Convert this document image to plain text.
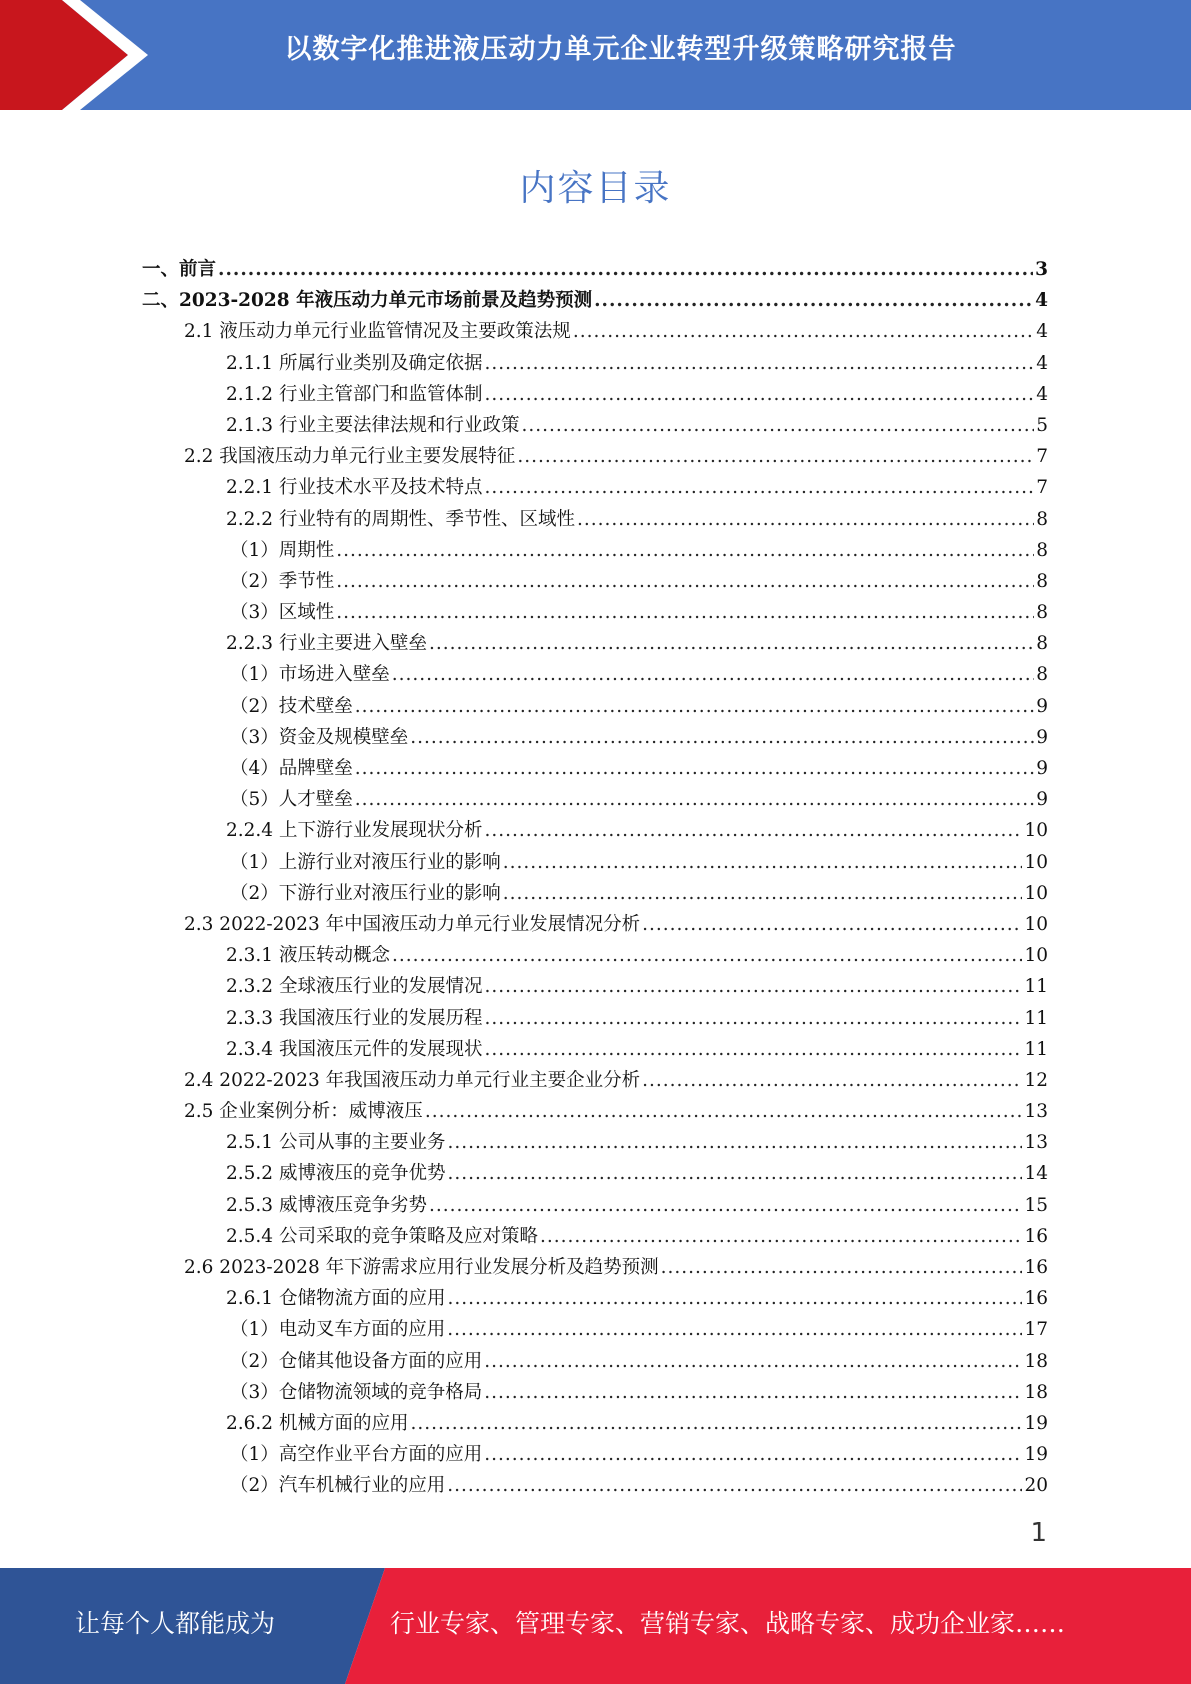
以数字化推进液压动力单元企业转型升级策略研究报告
内容目录
一、前言 .....	3
二、2023-2028 年液压动力单元市场前景及趋势预测 .....	4
2.1 液压动力单元行业监管情况及主要政策法规 .....	4
2.1.1 所属行业类别及确定依据 .....	4
2.1.2 行业主管部门和监管体制 .....	4
2.1.3 行业主要法律法规和行业政策 .....	5
2.2 我国液压动力单元行业主要发展特征 .....	7
2.2.1 行业技术水平及技术特点 .....	7
2.2.2 行业特有的周期性、季节性、区域性 .....	8
（1）周期性 .....	8
（2）季节性 .....	8
（3）区域性 .....	8
2.2.3 行业主要进入壁垒 .....	8
（1）市场进入壁垒 .....	8
（2）技术壁垒 .....	9
（3）资金及规模壁垒 .....	9
（4）品牌壁垒 .....	9
（5）人才壁垒 .....	9
2.2.4 上下游行业发展现状分析 .....	10
（1）上游行业对液压行业的影响 .....	10
（2）下游行业对液压行业的影响 .....	10
2.3 2022-2023 年中国液压动力单元行业发展情况分析 .....	10
2.3.1 液压转动概念 .....	10
2.3.2 全球液压行业的发展情况 .....	11
2.3.3 我国液压行业的发展历程 .....	11
2.3.4 我国液压元件的发展现状 .....	11
2.4 2022-2023 年我国液压动力单元行业主要企业分析 .....	12
2.5 企业案例分析：威博液压 .....	13
2.5.1 公司从事的主要业务 .....	13
2.5.2 威博液压的竞争优势 .....	14
2.5.3 威博液压竞争劣势 .....	15
2.5.4 公司采取的竞争策略及应对策略 .....	16
2.6 2023-2028 年下游需求应用行业发展分析及趋势预测 .....	16
2.6.1 仓储物流方面的应用 .....	16
（1）电动叉车方面的应用 .....	17
（2）仓储其他设备方面的应用 .....	18
（3）仓储物流领域的竞争格局 .....	18
2.6.2 机械方面的应用 .....	19
（1）高空作业平台方面的应用 .....	19
（2）汽车机械行业的应用 .....	20
1
让每个人都能成为	行业专家、管理专家、营销专家、战略专家、成功企业家……
